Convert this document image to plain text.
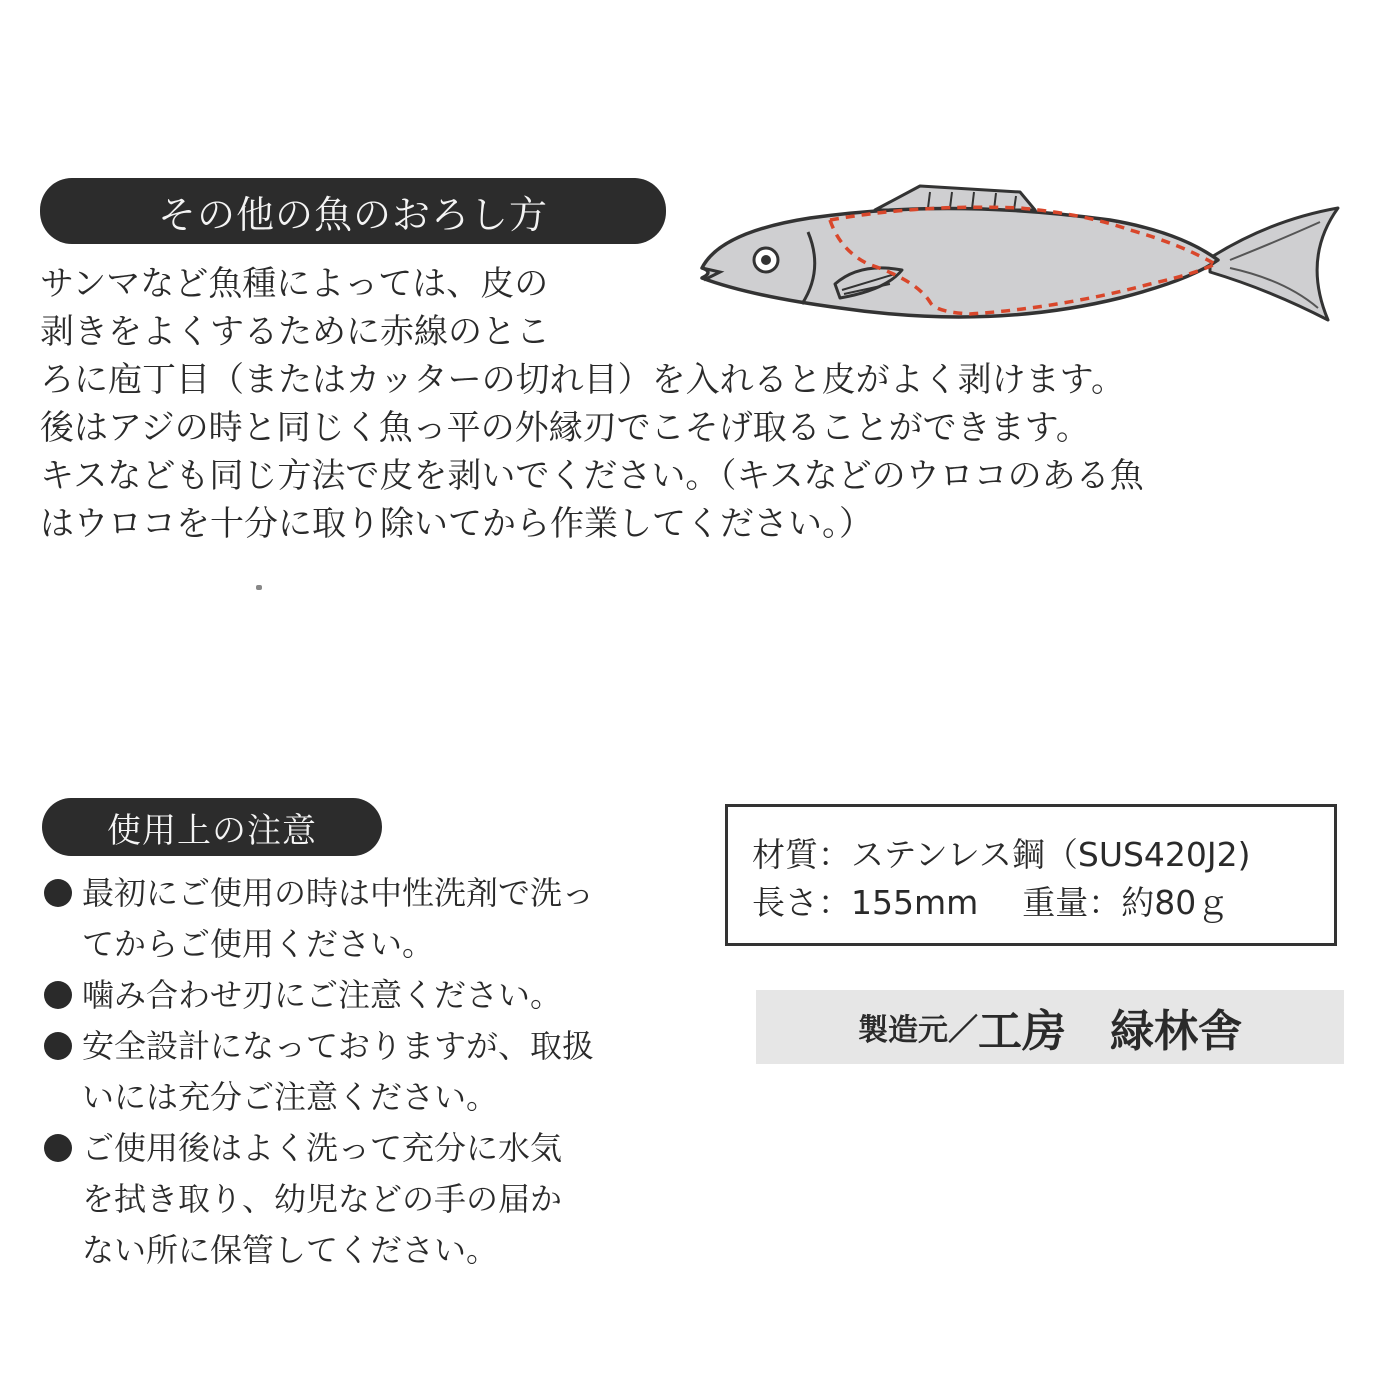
その他の魚のおろし方
サンマなど魚種によっては、皮の
剥きをよくするために赤線のとこ
ろに庖丁目（またはカッターの切れ目）を入れると皮がよく剥けます。
後はアジの時と同じく魚っ平の外縁刃でこそげ取ることができます。
キスなども同じ方法で皮を剥いでください。（キスなどのウロコのある魚
はウロコを十分に取り除いてから作業してください。）
使用上の注意
最初にご使用の時は中性洗剤で洗っ
てからご使用ください。
噛み合わせ刃にご注意ください。
安全設計になっておりますが、取扱
いには充分ご注意ください。
ご使用後はよく洗って充分に水気
を拭き取り、幼児などの手の届か
ない所に保管してください。
材質：ステンレス鋼（SUS420J2)
長さ：155mm 重量：約80ｇ
製造元／ 工房　緑林舎
